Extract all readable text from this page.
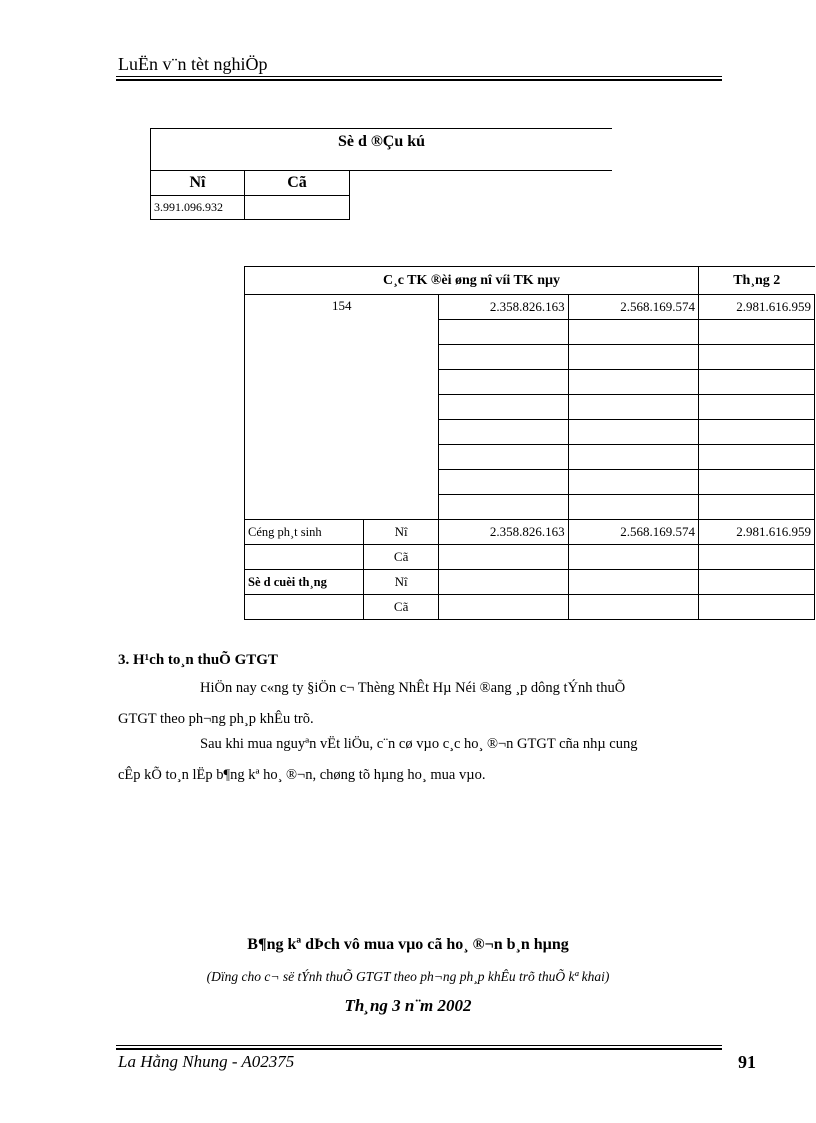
LuËn v¨n tèt nghiÖp
Sè d ®Çu kú
Nî	Cã
3.991.096.932	
C¸c TK ®èi øng nî víi TK nµy				Th¸ng 2
154		2.358.826.163	2.568.169.574	2.981.616.959

Céng ph¸t sinh	Nî	2.358.826.163	2.568.169.574	2.981.616.959
	Cã			
Sè d cuèi th¸ng	Nî			
	Cã			
3. H¹ch to¸n thuÕ GTGT
HiÖn nay c«ng ty §iÖn c¬ Thèng NhÊt Hµ Néi ®ang ¸p dông tÝnh thuÕ
GTGT theo ph¬ng ph¸p khÊu trõ.
Sau khi mua nguyªn vËt liÖu, c¨n cø vµo c¸c ho¸ ®¬n GTGT cña nhµ cung
cÊp kÕ to¸n lËp b¶ng kª ho¸ ®¬n, chøng tõ hµng ho¸ mua vµo.
B¶ng kª dÞch vô mua vµo cã ho¸ ®¬n b¸n hµng
(Dïng cho c¬ së tÝnh thuÕ GTGT theo ph¬ng ph¸p khÊu trõ thuÕ kª khai)
Th¸ng 3 n¨m 2002
La Hằng Nhung - A02375	91
